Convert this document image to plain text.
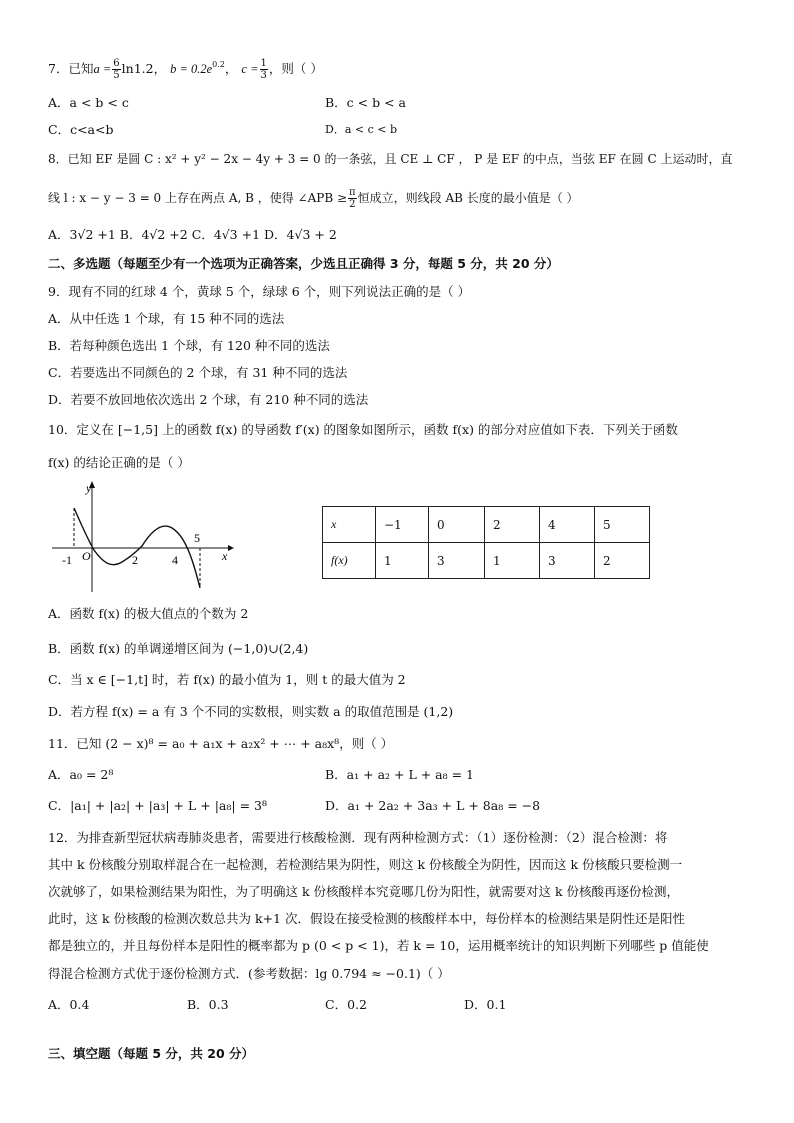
7．已知$a = \frac{6}{5} \ln 1.2$， $b = 0.2e^{0.2}$， $c = \frac{1}{3}$ ，则（ ）
A．a < b < c	B．c < b < a
C．c<a<b	D．a < c < b
8．已知 EF 是圆 C : x² + y² − 2x − 4y + 3 = 0 的一条弦，且 CE ⊥ CF ， P 是 EF 的中点，当弦 EF 在圆 C 上运动时，直
线 l : x − y − 3 = 0 上存在两点 A, B ，使得 ∠APB ≥ $\frac{\pi}{2}$ 恒成立，则线段 AB 长度的最小值是（ ）
A．3√2 +1 B．4√2 +2 C．4√3 +1 D．4√3 + 2
二、多选题（每题至少有一个选项为正确答案，少选且正确得 3 分，每题 5 分，共 20 分）
9．现有不同的红球 4 个，黄球 5 个，绿球 6 个，则下列说法正确的是（ ）
A．从中任选 1 个球，有 15 种不同的选法
B．若每种颜色选出 1 个球，有 120 种不同的选法
C．若要选出不同颜色的 2 个球，有 31 种不同的选法
D．若要不放回地依次选出 2 个球，有 210 种不同的选法
10．定义在 [−1,5] 上的函数 f(x) 的导函数 f′(x) 的图象如图所示，函数 f(x) 的部分对应值如下表．下列关于函数
f(x) 的结论正确的是（ ）
y
x
O
-1	2	4
5
x	−1	0	2	4	5
f(x)	1	3	1	3	2
A．函数 f(x) 的极大值点的个数为 2
B．函数 f(x) 的单调递增区间为 (−1,0)∪(2,4)
C．当 x ∈ [−1,t] 时，若 f(x) 的最小值为 1，则 t 的最大值为 2
D．若方程 f(x) = a 有 3 个不同的实数根，则实数 a 的取值范围是 (1,2)
11．已知 (2 − x)⁸ = a₀ + a₁x + a₂x² + ⋯ + a₈x⁸，则（ ）
A．a₀ = 2⁸	B．a₁ + a₂ + L + a₈ = 1
C．|a₁| + |a₂| + |a₃| + L + |a₈| = 3⁸	D．a₁ + 2a₂ + 3a₃ + L + 8a₈ = −8
12．为排查新型冠状病毒肺炎患者，需要进行核酸检测．现有两种检测方式：（1）逐份检测：（2）混合检测：将
其中 k 份核酸分别取样混合在一起检测，若检测结果为阴性，则这 k 份核酸全为阴性，因而这 k 份核酸只要检测一
次就够了，如果检测结果为阳性，为了明确这 k 份核酸样本究竟哪几份为阳性，就需要对这 k 份核酸再逐份检测，
此时，这 k 份核酸的检测次数总共为 k+1 次．假设在接受检测的核酸样本中，每份样本的检测结果是阴性还是阳性
都是独立的，并且每份样本是阳性的概率都为 p (0 < p < 1)，若 k = 10，运用概率统计的知识判断下列哪些 p 值能使
得混合检测方式优于逐份检测方式．(参考数据：lg 0.794 ≈ −0.1)（ ）
A．0.4	B．0.3	C．0.2	D．0.1
三、填空题（每题 5 分，共 20 分）
